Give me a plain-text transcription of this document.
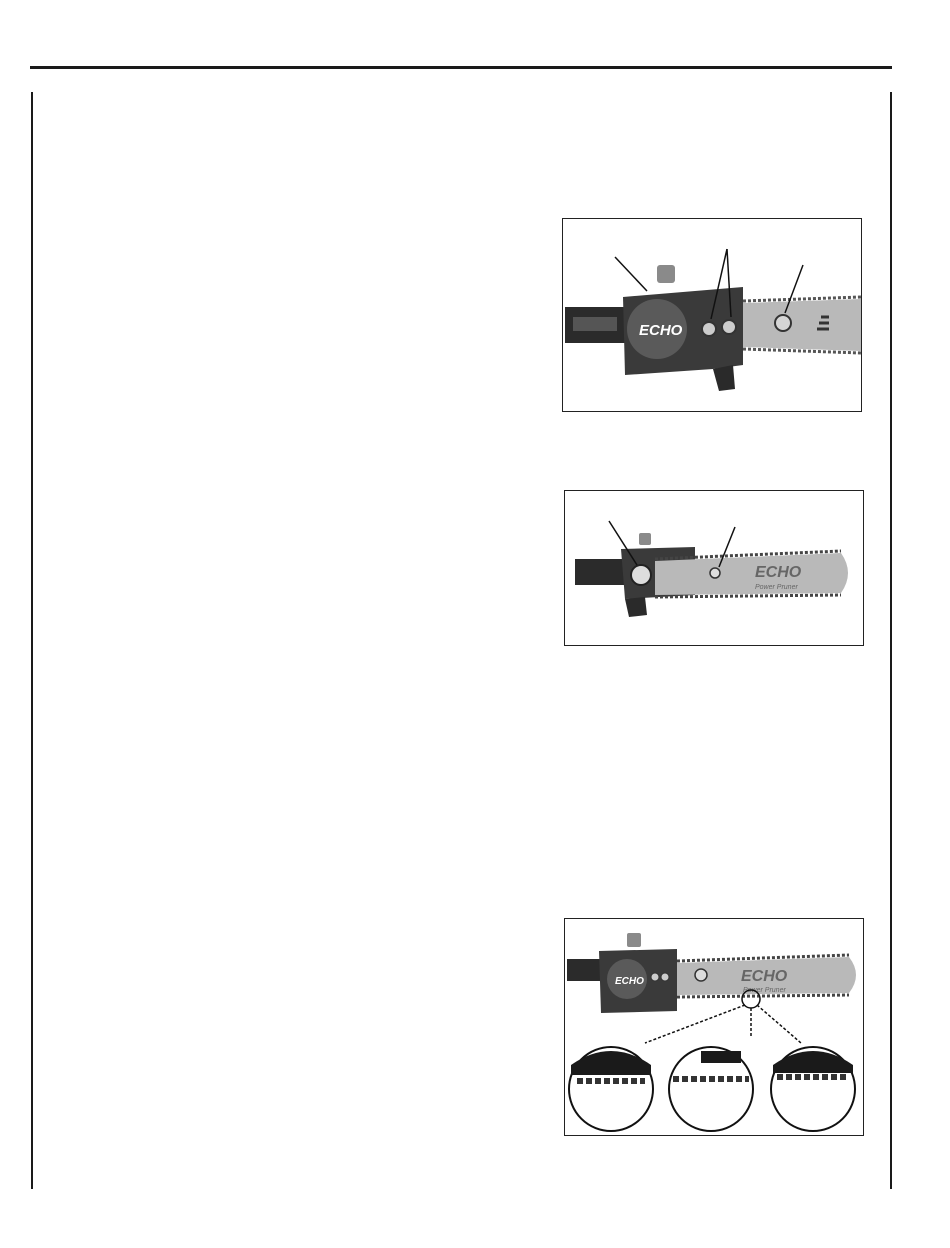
ECHO
ECHO
Power Pruner
ECHO	ECHO
Power Pruner
